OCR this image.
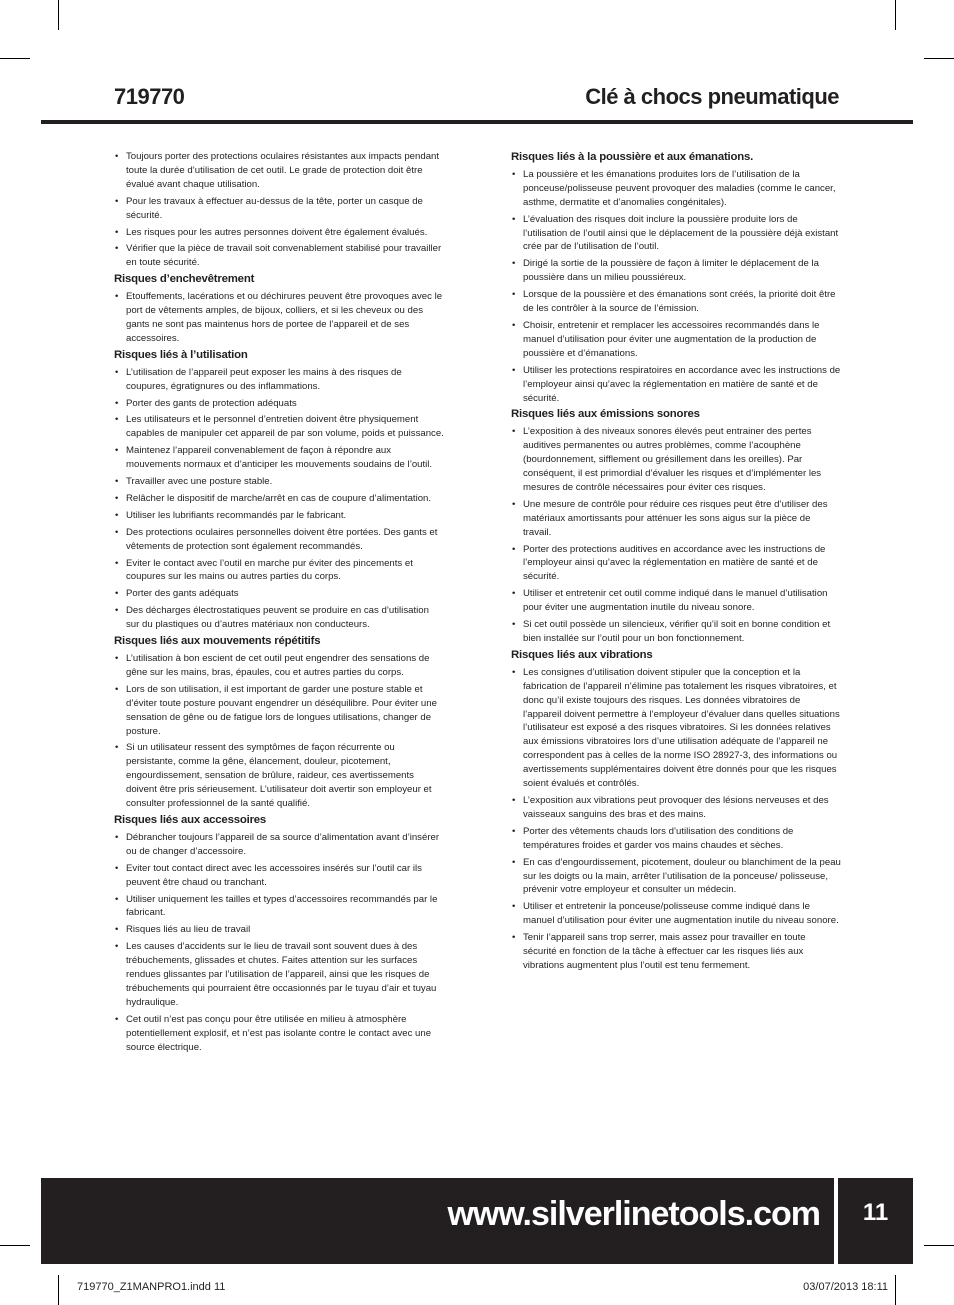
719770	Clé à chocs pneumatique
• Toujours porter des protections oculaires résistantes aux impacts pendant toute la durée d’utilisation de cet outil. Le grade de protection doit être évalué avant chaque utilisation.
• Pour les travaux à effectuer au-dessus de la tête, porter un casque de sécurité.
• Les risques pour les autres personnes doivent être également évalués.
• Vérifier que la pièce de travail soit convenablement stabilisé pour travailler en toute sécurité.
Risques d’enchevêtrement
• Etouffements, lacérations et ou déchirures peuvent être provoques avec le port de vêtements amples, de bijoux, colliers, et si les cheveux ou des gants ne sont pas maintenus hors de portee de l’appareil et de ses accessoires.
Risques liés à l’utilisation
• L’utilisation de l’appareil peut exposer les mains à des risques de coupures, égratignures ou des inflammations.
• Porter des gants de protection adéquats
• Les utilisateurs et le personnel d’entretien doivent être physiquement capables de manipuler cet appareil de par son volume, poids et puissance.
• Maintenez l’appareil convenablement de façon à répondre aux mouvements normaux et d’anticiper les mouvements soudains de l’outil.
• Travailler avec une posture stable.
• Relâcher le dispositif de marche/arrêt en cas de coupure d’alimentation.
• Utiliser les lubrifiants recommandés par le fabricant.
• Des protections oculaires personnelles doivent être portées. Des gants et vêtements de protection sont également recommandés.
• Eviter le contact avec l’outil en marche pur éviter des pincements et coupures sur les mains ou autres parties du corps.
• Porter des gants adéquats
• Des décharges électrostatiques peuvent se produire en cas d’utilisation sur du plastiques ou d’autres matériaux non conducteurs.
Risques liés aux mouvements répétitifs
• L’utilisation à bon escient de cet outil peut engendrer des sensations de gêne sur les mains, bras, épaules, cou et autres parties du corps.
• Lors de son utilisation, il est important de garder une posture stable et d’éviter toute posture pouvant engendrer un déséquilibre. Pour éviter une sensation de gêne ou de fatigue lors de longues utilisations, changer de posture.
• Si un utilisateur ressent des symptômes de façon récurrente ou persistante, comme la gêne, élancement, douleur, picotement, engourdissement, sensation de brûlure, raideur, ces avertissements doivent être pris sérieusement. L’utilisateur doit avertir son employeur et consulter professionnel de la santé qualifié.
Risques liés aux accessoires
• Débrancher toujours l’appareil de sa source d’alimentation avant d’insérer ou de changer d’accessoire.
• Eviter tout contact direct avec les accessoires insérés sur l’outil car ils peuvent être chaud ou tranchant.
• Utiliser uniquement les tailles et types d’accessoires recommandés par le fabricant.
• Risques liés au lieu de travail
• Les causes d’accidents sur le lieu de travail sont souvent dues à des trébuchements, glissades et chutes. Faites attention sur les surfaces rendues glissantes par l’utilisation de l’appareil, ainsi que les risques de trébuchements qui pourraient être occasionnés par le tuyau d’air et tuyau hydraulique.
• Cet outil n’est pas conçu pour être utilisée en milieu à atmosphère potentiellement explosif, et n’est pas isolante contre le contact avec une source électrique.
Risques liés à la poussière et aux émanations.
• La poussière et les émanations produites lors de l’utilisation de la ponceuse/polisseuse peuvent provoquer des maladies (comme le cancer, asthme, dermatite et d’anomalies congénitales).
• L’évaluation des risques doit inclure la poussière produite lors de l’utilisation de l’outil ainsi que le déplacement de la poussière déjà existant crée par de l’utilisation de l’outil.
• Dirigé la sortie de la poussière de façon à limiter le déplacement de la poussière dans un milieu poussiéreux.
• Lorsque de la poussière et des émanations sont créés, la priorité doit être de les contrôler à la source de l’émission.
• Choisir, entretenir et remplacer les accessoires recommandés dans le manuel d’utilisation pour éviter une augmentation de la production de poussière et d’émanations.
• Utiliser les protections respiratoires en accordance avec les instructions de l’employeur ainsi qu’avec la réglementation en matière de santé et de sécurité.
Risques liés aux émissions sonores
• L’exposition à des niveaux sonores élevés peut entrainer des pertes auditives permanentes ou autres problèmes, comme l’acouphène (bourdonnement, sifflement ou grésillement dans les oreilles). Par conséquent, il est primordial d’évaluer les risques et d’implémenter les mesures de contrôle nécessaires pour éviter ces risques.
• Une mesure de contrôle pour réduire ces risques peut être d’utiliser des matériaux amortissants pour atténuer les sons aigus sur la pièce de travail.
• Porter des protections auditives en accordance avec les instructions de l’employeur ainsi qu’avec la réglementation en matière de santé et de sécurité.
• Utiliser et entretenir cet outil comme indiqué dans le manuel d’utilisation pour éviter une augmentation inutile du niveau sonore.
• Si cet outil possède un silencieux, vérifier qu’il soit en bonne condition et bien installée sur l’outil pour un bon fonctionnement.
Risques liés aux vibrations
• Les consignes d’utilisation doivent stipuler que la conception et la fabrication de l’appareil n’élimine pas totalement les risques vibratoires, et donc qu’il existe toujours des risques. Les données vibratoires de l’appareil doivent permettre à l’employeur d’évaluer dans quelles situations l’utilisateur est exposé a des risques vibratoires. Si les données relatives aux émissions vibratoires lors d’une utilisation adéquate de l’appareil ne correspondent pas à celles de la norme ISO 28927-3, des informations ou avertissements supplémentaires doivent être donnés pour que les risques soient évalués et contrôlés.
• L’exposition aux vibrations peut provoquer des lésions nerveuses et des vaisseaux sanguins des bras et des mains.
• Porter des vêtements chauds lors d’utilisation des conditions de températures froides et garder vos mains chaudes et sèches.
• En cas d’engourdissement, picotement, douleur ou blanchiment de la peau sur les doigts ou la main, arrêter l’utilisation de la ponceuse/ polisseuse, prévenir votre employeur et consulter un médecin.
• Utiliser et entretenir la ponceuse/polisseuse comme indiqué dans le manuel d’utilisation pour éviter une augmentation inutile du niveau sonore.
• Tenir l’appareil sans trop serrer, mais assez pour travailler en toute sécurité en fonction de la tâche à effectuer car les risques liés aux vibrations augmentent plus l’outil est tenu fermement.
www.silverlinetools.com	11
719770_Z1MANPRO1.indd 11	03/07/2013 18:11
